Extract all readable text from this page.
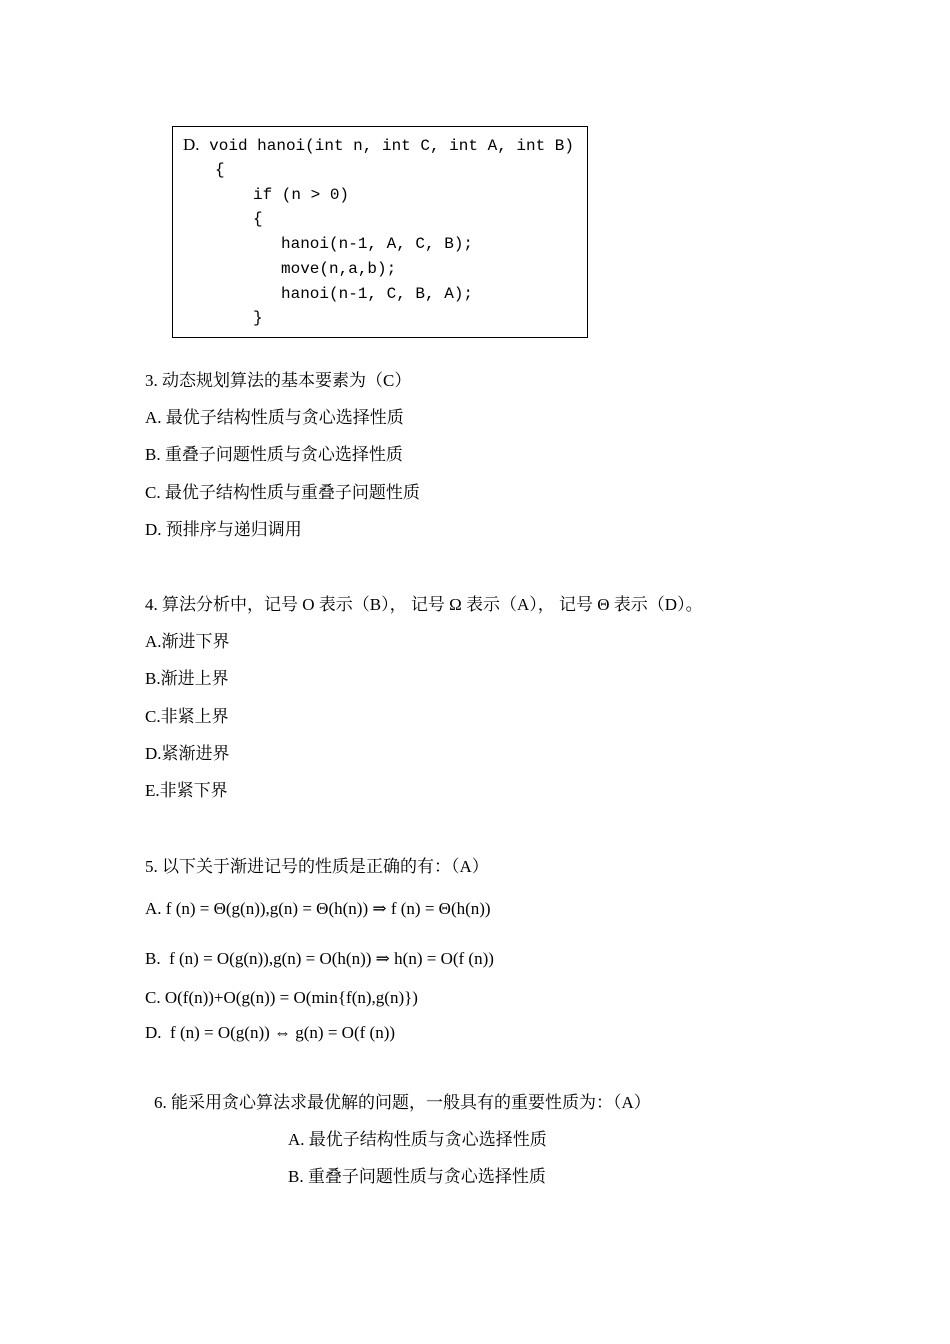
D. void hanoi(int n, int C, int A, int B)
{
if (n > 0)
{
hanoi(n-1, A, C, B);
move(n,a,b);
hanoi(n-1, C, B, A);
}
3. 动态规划算法的基本要素为（C）
A. 最优子结构性质与贪心选择性质
B. 重叠子问题性质与贪心选择性质
C. 最优子结构性质与重叠子问题性质
D. 预排序与递归调用
4. 算法分析中，记号 O 表示（B）， 记号 Ω 表示（A）， 记号 Θ 表示（D）。
A.渐进下界
B.渐进上界
C.非紧上界
D.紧渐进界
E.非紧下界
5. 以下关于渐进记号的性质是正确的有：（A）
A. f (n) = Θ(g(n)),g(n) = Θ(h(n)) ⇒ f (n) = Θ(h(n))
B.  f (n) = O(g(n)),g(n) = O(h(n)) ⇒ h(n) = O(f (n))
C. O(f(n))+O(g(n)) = O(min{f(n),g(n)})
D.  f (n) = O(g(n)) ⇔ g(n) = O(f (n))
6. 能采用贪心算法求最优解的问题，一般具有的重要性质为：（A）
A. 最优子结构性质与贪心选择性质
B. 重叠子问题性质与贪心选择性质
